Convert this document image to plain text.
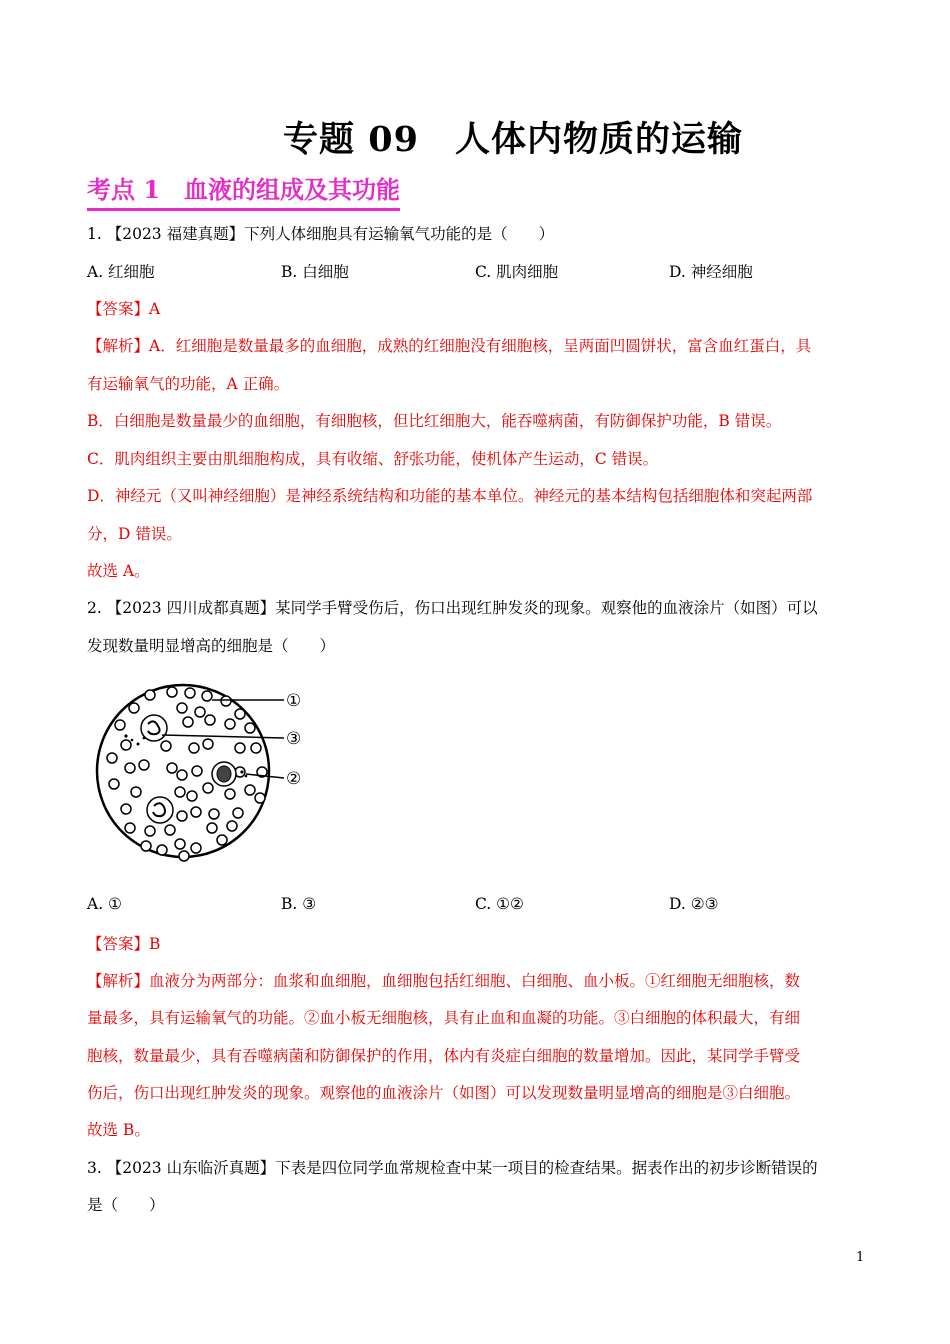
专题 09　人体内物质的运输
考点 1　血液的组成及其功能
1. 【2023 福建真题】下列人体细胞具有运输氧气功能的是（　　）
A. 红细胞	B. 白细胞	C. 肌肉细胞	D. 神经细胞
【答案】A
【解析】A．红细胞是数量最多的血细胞，成熟的红细胞没有细胞核，呈两面凹圆饼状，富含血红蛋白，具
有运输氧气的功能，A 正确。
B．白细胞是数量最少的血细胞，有细胞核，但比红细胞大，能吞噬病菌，有防御保护功能，B 错误。
C．肌肉组织主要由肌细胞构成，具有收缩、舒张功能，使机体产生运动，C 错误。
D．神经元（又叫神经细胞）是神经系统结构和功能的基本单位。神经元的基本结构包括细胞体和突起两部
分，D 错误。
故选 A。
2. 【2023 四川成都真题】某同学手臂受伤后，伤口出现红肿发炎的现象。观察他的血液涂片（如图）可以
发现数量明显增高的细胞是（　　）
①
③
②
A. ①	B. ③	C. ①②	D. ②③
【答案】B
【解析】血液分为两部分：血浆和血细胞，血细胞包括红细胞、白细胞、血小板。①红细胞无细胞核，数
量最多，具有运输氧气的功能。②血小板无细胞核，具有止血和血凝的功能。③白细胞的体积最大，有细
胞核，数量最少，具有吞噬病菌和防御保护的作用，体内有炎症白细胞的数量增加。因此，某同学手臂受
伤后，伤口出现红肿发炎的现象。观察他的血液涂片（如图）可以发现数量明显增高的细胞是③白细胞。
故选 B。
3. 【2023 山东临沂真题】下表是四位同学血常规检查中某一项目的检查结果。据表作出的初步诊断错误的
是（　　）
1
